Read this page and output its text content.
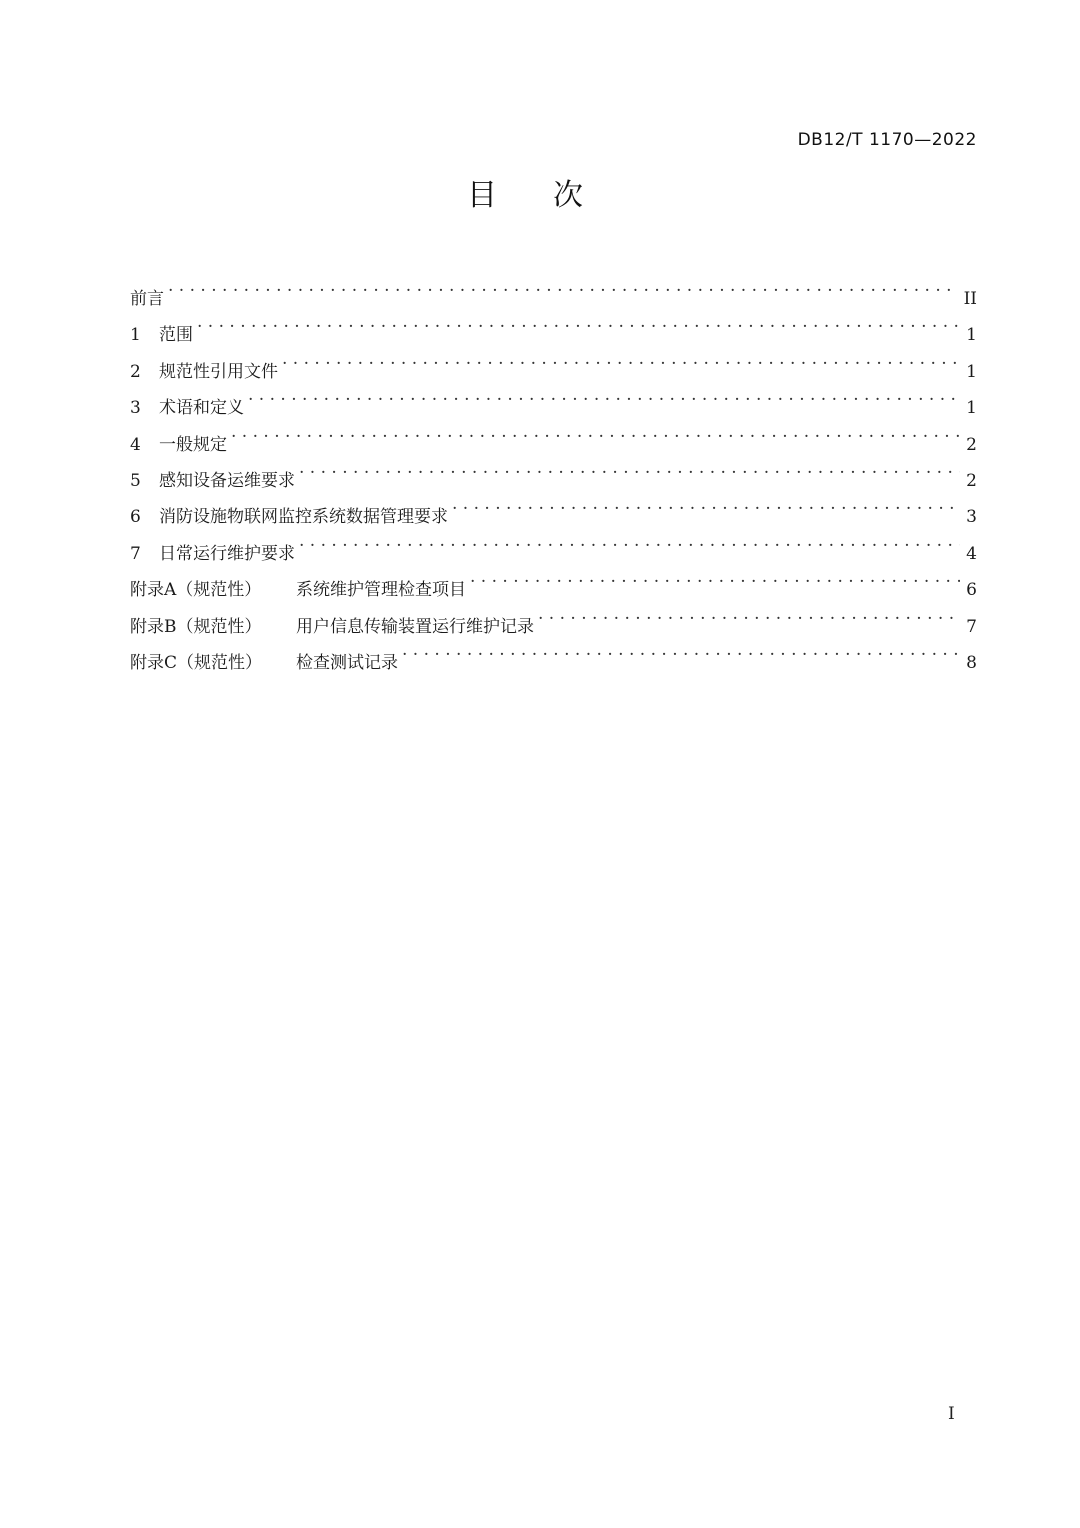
DB12/T 1170—2022
目次
前言 . . .	II
1	范围 . . .	1
2	规范性引用文件 . . .	1
3	术语和定义 . . .	1
4	一般规定 . . .	2
5	感知设备运维要求 . . .	2
6	消防设施物联网监控系统数据管理要求 . . .	3
7	日常运行维护要求 . . .	4
附录A（规范性）	系统维护管理检查项目 . . .	6
附录B（规范性）	用户信息传输装置运行维护记录 . . .	7
附录C（规范性）	检查测试记录 . . .	8
I
